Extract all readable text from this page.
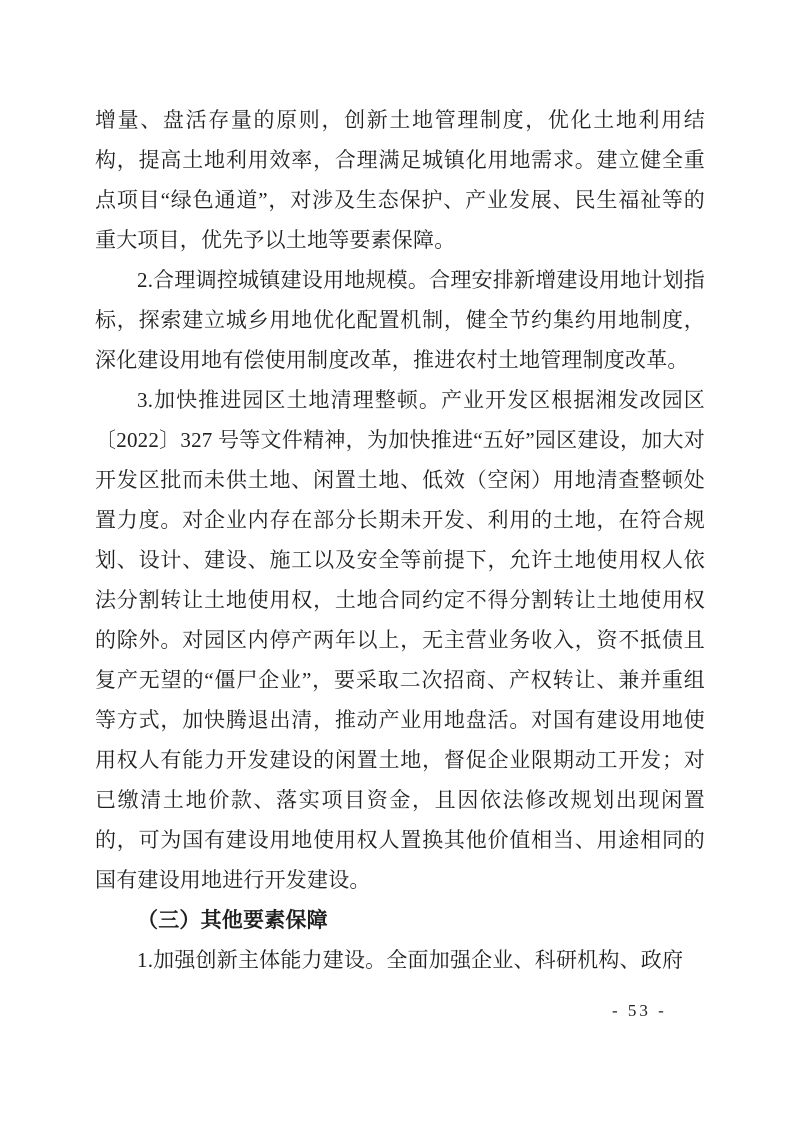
增量、盘活存量的原则，创新土地管理制度，优化土地利用结构，提高土地利用效率，合理满足城镇化用地需求。建立健全重点项目“绿色通道”，对涉及生态保护、产业发展、民生福祉等的重大项目，优先予以土地等要素保障。

2.合理调控城镇建设用地规模。合理安排新增建设用地计划指标，探索建立城乡用地优化配置机制，健全节约集约用地制度，深化建设用地有偿使用制度改革，推进农村土地管理制度改革。

3.加快推进园区土地清理整顿。产业开发区根据湘发改园区〔2022〕327 号等文件精神，为加快推进“五好”园区建设，加大对开发区批而未供土地、闲置土地、低效（空闲）用地清查整顿处置力度。对企业内存在部分长期未开发、利用的土地，在符合规划、设计、建设、施工以及安全等前提下，允许土地使用权人依法分割转让土地使用权，土地合同约定不得分割转让土地使用权的除外。对园区内停产两年以上，无主营业务收入，资不抵债且复产无望的“僵尸企业”，要采取二次招商、产权转让、兼并重组等方式，加快腾退出清，推动产业用地盘活。对国有建设用地使用权人有能力开发建设的闲置土地，督促企业限期动工开发；对已缴清土地价款、落实项目资金，且因依法修改规划出现闲置的，可为国有建设用地使用权人置换其他价值相当、用途相同的国有建设用地进行开发建设。

（三）其他要素保障

1.加强创新主体能力建设。全面加强企业、科研机构、政府

- 53 -
